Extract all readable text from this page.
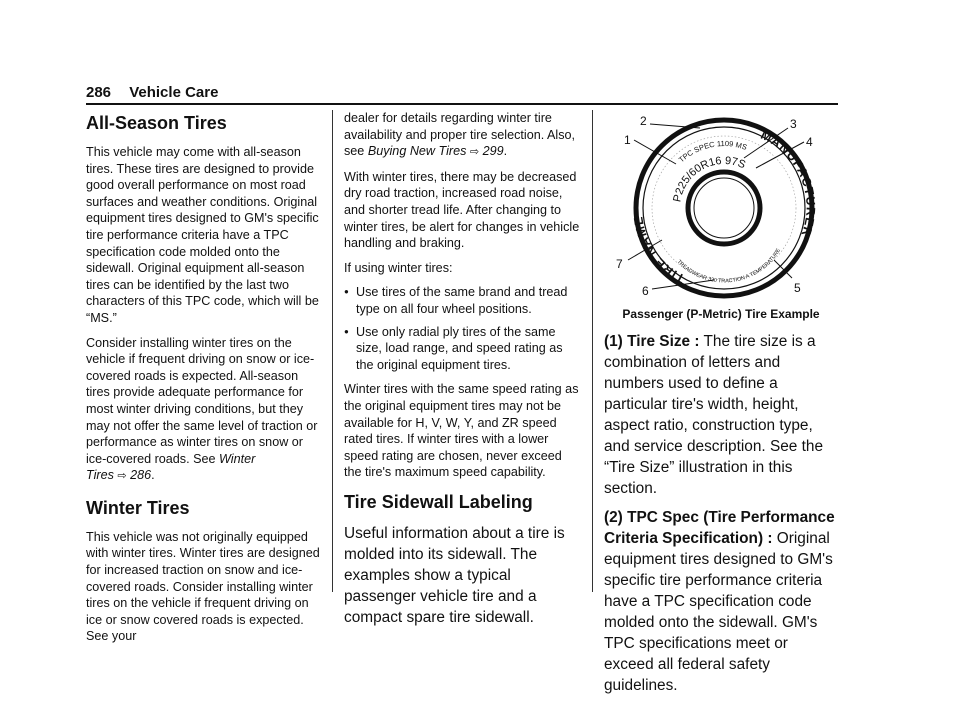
286 Vehicle Care
All-Season Tires

This vehicle may come with all-season tires. These tires are designed to provide good overall performance on most road surfaces and weather conditions. Original equipment tires designed to GM's specific tire performance criteria have a TPC specification code molded onto the sidewall. Original equipment all-season tires can be identified by the last two characters of this TPC code, which will be “MS.”

Consider installing winter tires on the vehicle if frequent driving on snow or ice-covered roads is expected. All-season tires provide adequate performance for most winter driving conditions, but they may not offer the same level of traction or performance as winter tires on snow or ice-covered roads. See Winter Tires ⇨ 286.

Winter Tires

This vehicle was not originally equipped with winter tires. Winter tires are designed for increased traction on snow and ice-covered roads. Consider installing winter tires on the vehicle if frequent driving on ice or snow covered roads is expected. See your

dealer for details regarding winter tire availability and proper tire selection. Also, see Buying New Tires ⇨ 299.

With winter tires, there may be decreased dry road traction, increased road noise, and shorter tread life. After changing to winter tires, be alert for changes in vehicle handling and braking.

If using winter tires:

● Use tires of the same brand and tread type on all four wheel positions.
● Use only radial ply tires of the same size, load range, and speed rating as the original equipment tires.

Winter tires with the same speed rating as the original equipment tires may not be available for H, V, W, Y, and ZR speed rated tires. If winter tires with a lower speed rating are chosen, never exceed the tire's maximum speed capability.

Tire Sidewall Labeling

Useful information about a tire is molded into its sidewall. The examples show a typical passenger vehicle tire and a compact spare tire sidewall.

TPC SPEC 1109 MS
P225/60R16 97S
TIRE NAME
MANUFACTURER
TREADWEAR 320 TRACTION A TEMPERATURE
1
2	3
4
5
6
7

Passenger (P-Metric) Tire Example

(1) Tire Size : The tire size is a combination of letters and numbers used to define a particular tire's width, height, aspect ratio, construction type, and service description. See the “Tire Size” illustration in this section.

(2) TPC Spec (Tire Performance Criteria Specification) : Original equipment tires designed to GM's specific tire performance criteria have a TPC specification code molded onto the sidewall. GM's TPC specifications meet or exceed all federal safety guidelines.
